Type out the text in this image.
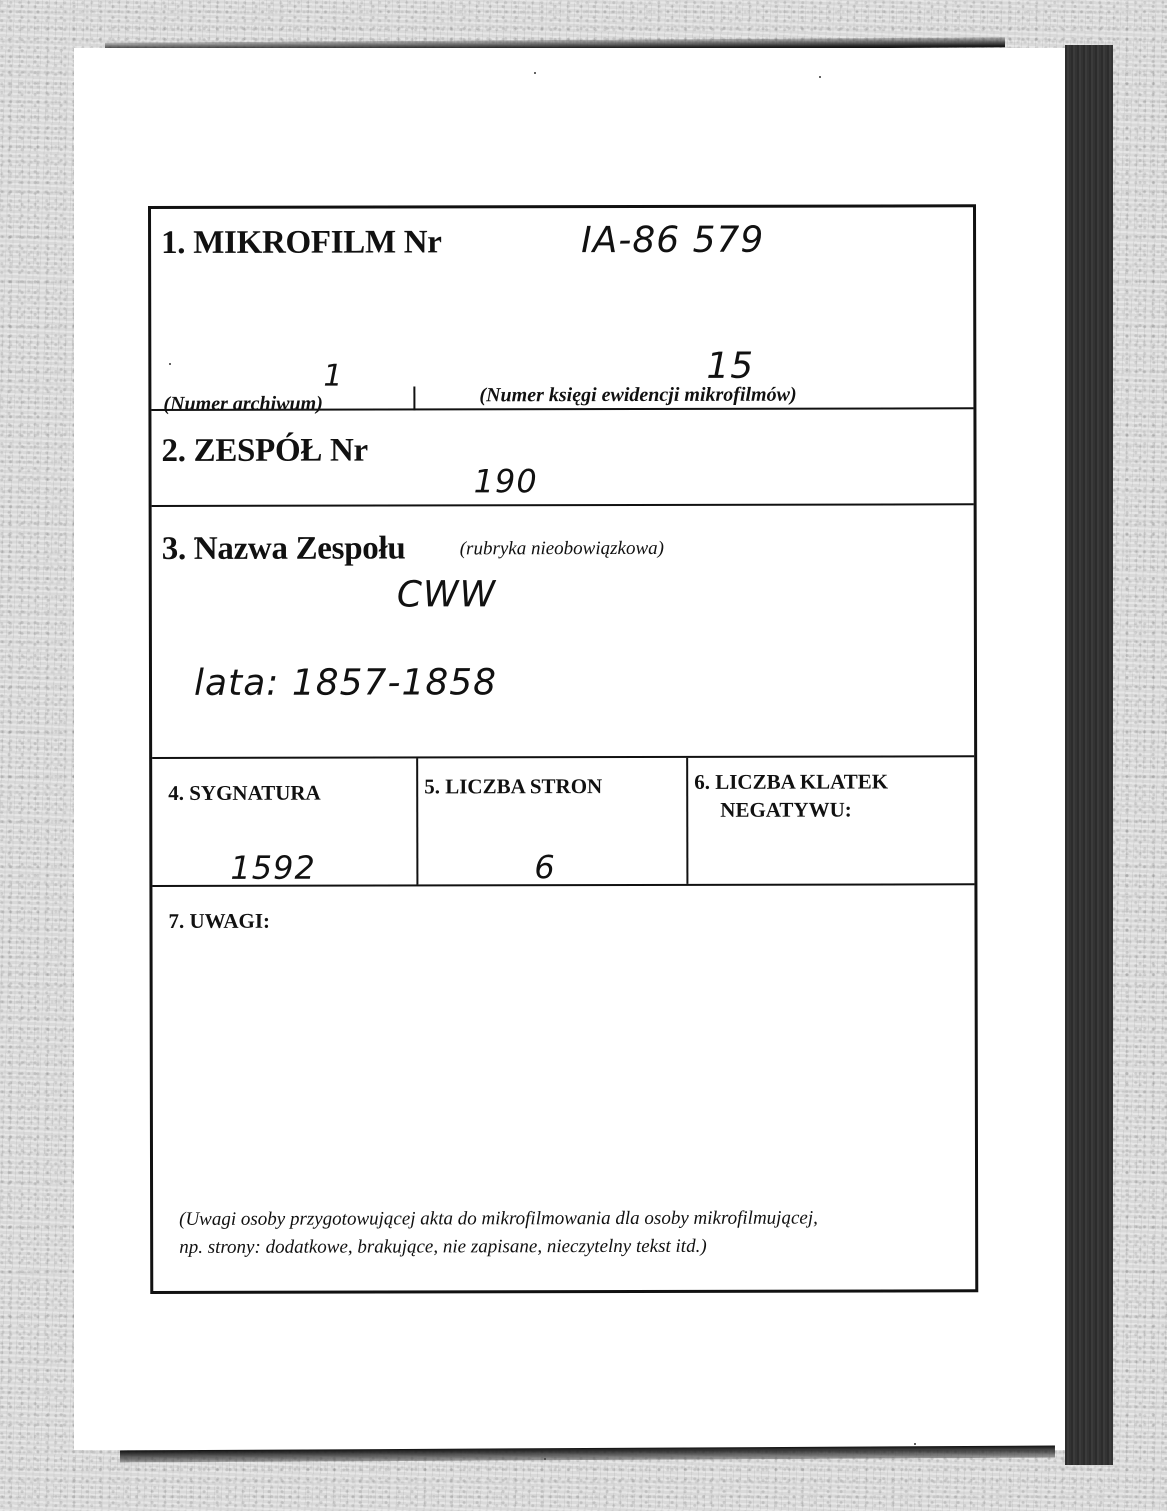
1. MIKROFILM Nr	IA-86 579
1
(Numer archiwum)
15
(Numer księgi ewidencji mikrofilmów)
2. ZESPÓŁ Nr
190
3. Nazwa Zespołu	(rubryka nieobowiązkowa)
CWW
lata: 1857-1858
4. SYGNATURA
1592
5. LICZBA STRON
6
6. LICZBA KLATEK
NEGATYWU:
7. UWAGI:
(Uwagi osoby przygotowującej akta do mikrofilmowania dla osoby mikrofilmującej,
np. strony: dodatkowe, brakujące, nie zapisane, nieczytelny tekst itd.)
